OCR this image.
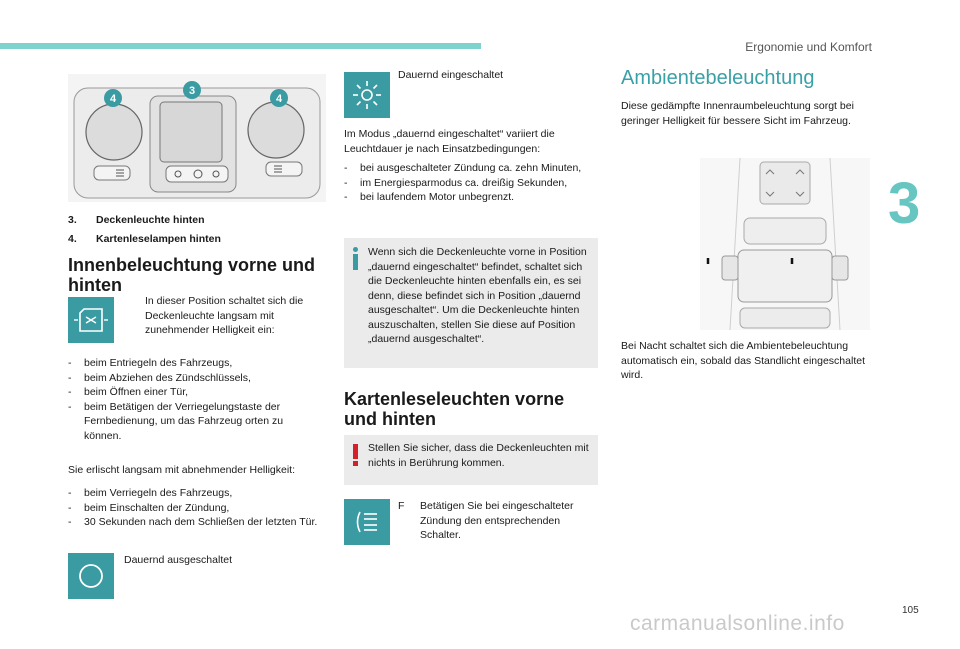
Ergonomie und Komfort
3
4
3
4
3. Deckenleuchte hinten
4. Kartenleselampen hinten
Innenbeleuchtung vorne und hinten
In dieser Position schaltet sich die Deckenleuchte langsam mit zunehmender Helligkeit ein:
- beim Entriegeln des Fahrzeugs,
- beim Abziehen des Zündschlüssels,
- beim Öffnen einer Tür,
- beim Betätigen der Verriegelungstaste der Fernbedienung, um das Fahrzeug orten zu können.
Sie erlischt langsam mit abnehmender Helligkeit:
- beim Verriegeln des Fahrzeugs,
- beim Einschalten der Zündung,
- 30 Sekunden nach dem Schließen der letzten Tür.
Dauernd ausgeschaltet
Dauernd eingeschaltet
Im Modus „dauernd eingeschaltet“ variiert die Leuchtdauer je nach Einsatzbedingungen:
- bei ausgeschalteter Zündung ca. zehn Minuten,
- im Energiesparmodus ca. dreißig Sekunden,
- bei laufendem Motor unbegrenzt.
Wenn sich die Deckenleuchte vorne in Position „dauernd eingeschaltet“ befindet, schaltet sich die Deckenleuchte hinten ebenfalls ein, es sei denn, diese befindet sich in Position „dauernd ausgeschaltet“. Um die Deckenleuchte hinten auszuschalten, stellen Sie diese auf Position „dauernd ausgeschaltet“.
Kartenleseleuchten vorne und hinten
Stellen Sie sicher, dass die Deckenleuchten mit nichts in Berührung kommen.
F Betätigen Sie bei eingeschalteter Zündung den entsprechenden Schalter.
Ambientebeleuchtung
Diese gedämpfte Innenraumbeleuchtung sorgt bei geringer Helligkeit für bessere Sicht im Fahrzeug.
Bei Nacht schaltet sich die Ambientebeleuchtung automatisch ein, sobald das Standlicht eingeschaltet wird.
105
carmanualsonline.info
